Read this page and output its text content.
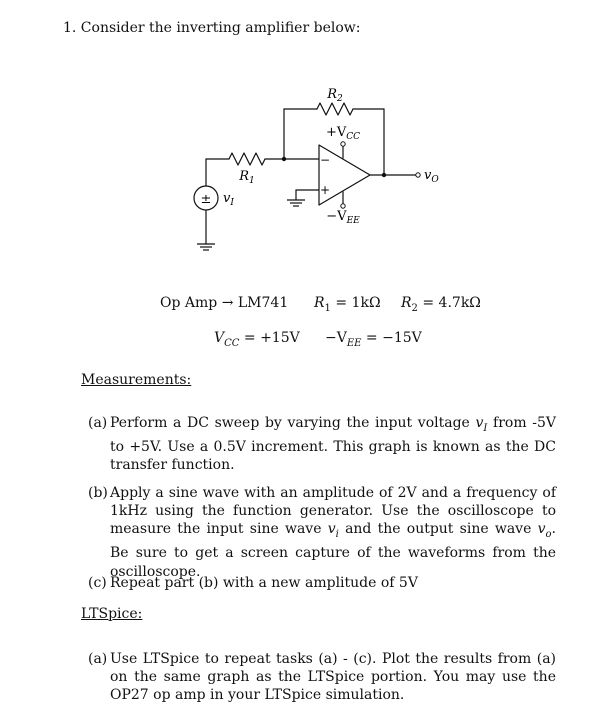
1. Consider the inverting amplifier below:
$R_2$
$+V_{CC}$
$R_1$
$v_I$
$v_O$
$-V_{EE}$
−
+
±
Op Amp → LM741 $R_1 = 1k\Omega$ $R_2 = 4.7k\Omega$
$V_{CC} = +15V -V_{EE} = -15V$
Measurements:
(a) Perform a DC sweep by varying the input voltage $v_I$ from -5V to +5V. Use a 0.5V increment. This graph is known as the DC transfer function.
(b) Apply a sine wave with an amplitude of 2V and a frequency of 1kHz using the function generator. Use the oscilloscope to measure the input sine wave $v_i$ and the output sine wave $v_o$. Be sure to get a screen capture of the waveforms from the oscilloscope.
(c) Repeat part (b) with a new amplitude of 5V
LTSpice:
(a) Use LTSpice to repeat tasks (a) - (c). Plot the results from (a) on the same graph as the LTSpice portion. You may use the OP27 op amp in your LTSpice simulation.
